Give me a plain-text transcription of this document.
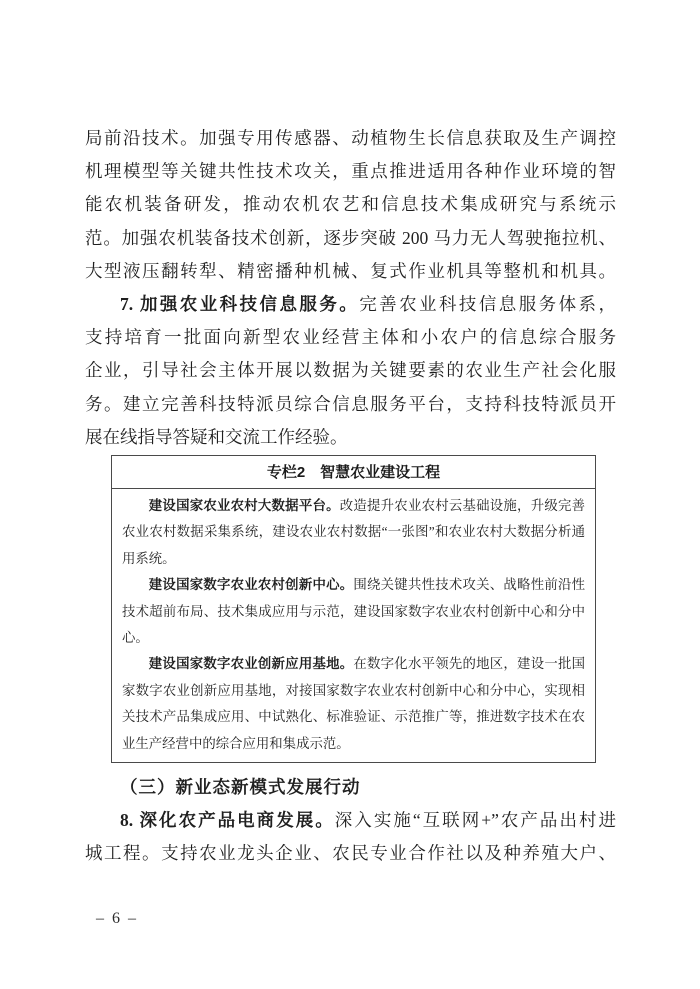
局前沿技术。加强专用传感器、动植物生长信息获取及生产调控
机理模型等关键共性技术攻关，重点推进适用各种作业环境的智
能农机装备研发，推动农机农艺和信息技术集成研究与系统示
范。加强农机装备技术创新，逐步突破 200 马力无人驾驶拖拉机、
大型液压翻转犁、精密播种机械、复式作业机具等整机和机具。
7. 加强农业科技信息服务。完善农业科技信息服务体系，
支持培育一批面向新型农业经营主体和小农户的信息综合服务
企业，引导社会主体开展以数据为关键要素的农业生产社会化服
务。建立完善科技特派员综合信息服务平台，支持科技特派员开
展在线指导答疑和交流工作经验。
专栏2　智慧农业建设工程
建设国家农业农村大数据平台。改造提升农业农村云基础设施，升级完善
农业农村数据采集系统，建设农业农村数据“一张图”和农业农村大数据分析通
用系统。
建设国家数字农业农村创新中心。围绕关键共性技术攻关、战略性前沿性
技术超前布局、技术集成应用与示范，建设国家数字农业农村创新中心和分中
心。
建设国家数字农业创新应用基地。在数字化水平领先的地区，建设一批国
家数字农业创新应用基地，对接国家数字农业农村创新中心和分中心，实现相
关技术产品集成应用、中试熟化、标准验证、示范推广等，推进数字技术在农
业生产经营中的综合应用和集成示范。
（三）新业态新模式发展行动
8. 深化农产品电商发展。深入实施“互联网+”农产品出村进
城工程。支持农业龙头企业、农民专业合作社以及种养殖大户、
– 6 –
